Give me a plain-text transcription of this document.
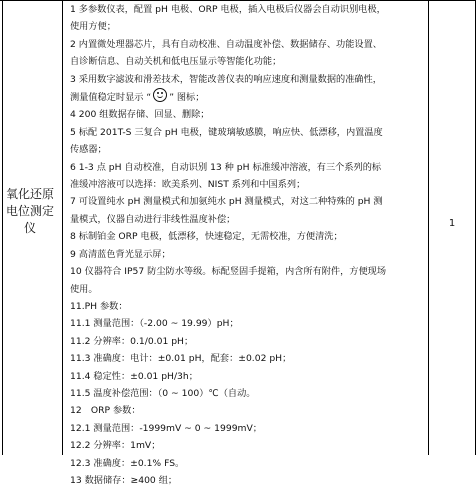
氧化还原
电位测定
仪
1 多参数仪表，配置 pH 电极、ORP 电极，插入电极后仪器会自动识别电极，
使用方便；
2 内置微处理器芯片，具有自动校准、自动温度补偿、数据储存、功能设置、
自诊断信息、自动关机和低电压显示等智能化功能；
3 采用数字滤波和滑差技术，智能改善仪表的响应速度和测量数据的准确性，
测量值稳定时显示 “ ” 图标；
4 200 组数据存储、回显、删除；
5 标配 201T-S 三复合 pH 电极，键玻璃敏感膜，响应快、低漂移，内置温度
传感器；
6 1-3 点 pH 自动校准，自动识别 13 种 pH 标准缓冲溶液，有三个系列的标
准缓冲溶液可以选择：欧美系列、NIST 系列和中国系列；
7 可设置纯水 pH 测量模式和加氨纯水 pH 测量模式，对这二种特殊的 pH 测
量模式，仪器自动进行非线性温度补偿；
8 标制铂金 ORP 电极，低漂移，快速稳定，无需校准，方便清洗；
9 高清蓝色背光显示屏；
10 仪器符合 IP57 防尘防水等级。标配竖固手提箱，内含所有附件，方便现场
使用。
11.PH 参数：
11.1 测量范围：（-2.00 ~ 19.99）pH；
11.2 分辨率：0.1/0.01 pH；
11.3 准确度：电计：±0.01 pH，配套：±0.02 pH；
11.4 稳定性：±0.01 pH/3h；
11.5 温度补偿范围：（0 ~ 100）℃（自动。
12　ORP 参数：
12.1 测量范围：-1999mV ~ 0 ~ 1999mV；
12.2 分辨率：1mV；
12.3 准确度：±0.1% FS。
13 数据储存：≥400 组；
1
